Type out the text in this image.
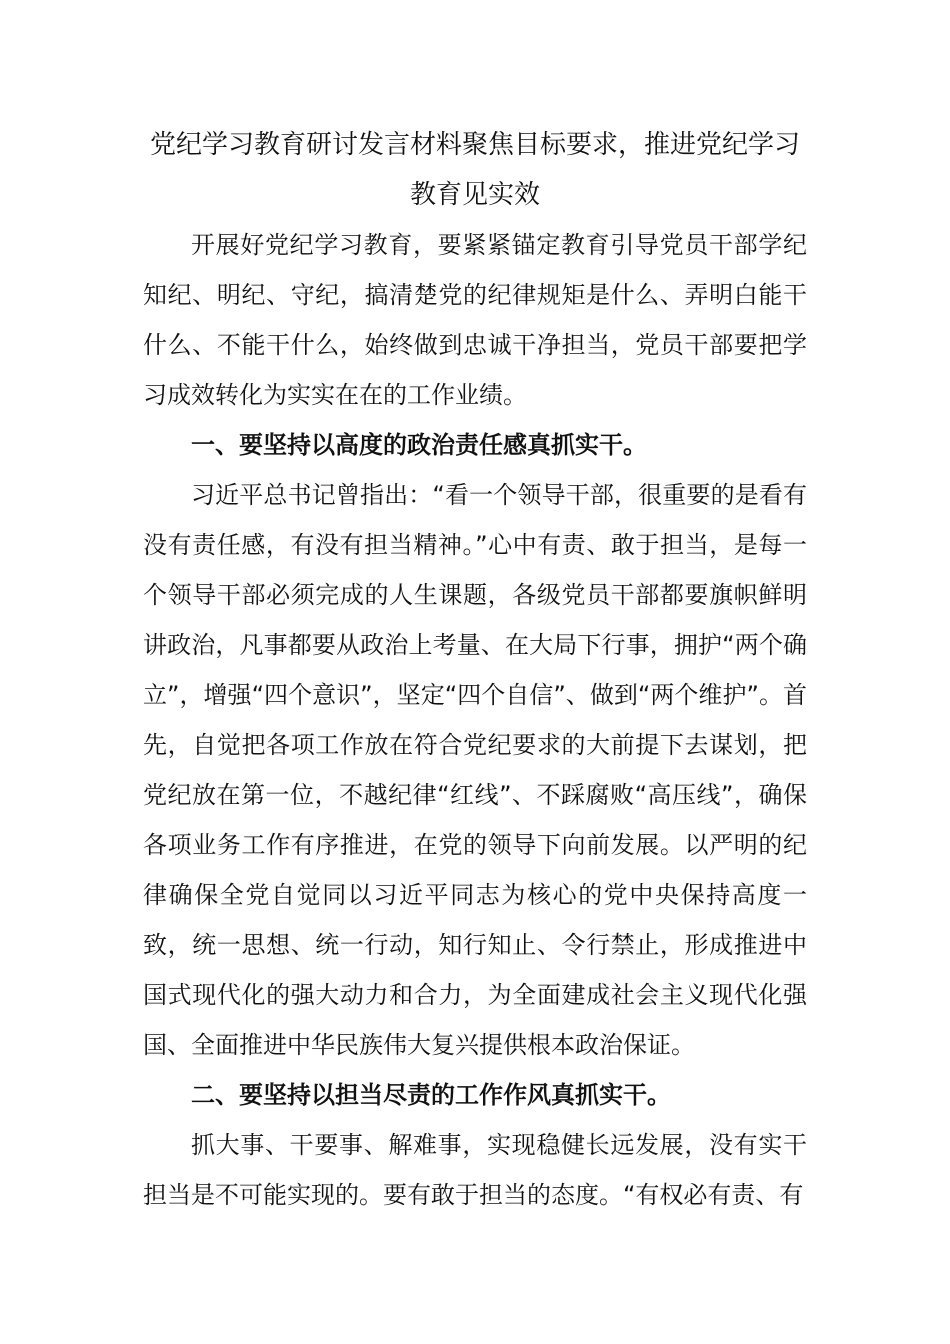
党纪学习教育研讨发言材料聚焦目标要求，推进党纪学习教育见实效

开展好党纪学习教育，要紧紧锚定教育引导党员干部学纪知纪、明纪、守纪，搞清楚党的纪律规矩是什么、弄明白能干什么、不能干什么，始终做到忠诚干净担当，党员干部要把学习成效转化为实实在在的工作业绩。

一、要坚持以高度的政治责任感真抓实干。

习近平总书记曾指出：“看一个领导干部，很重要的是看有没有责任感，有没有担当精神。”心中有责、敢于担当，是每一个领导干部必须完成的人生课题，各级党员干部都要旗帜鲜明讲政治，凡事都要从政治上考量、在大局下行事，拥护“两个确立”，增强“四个意识”，坚定“四个自信”、做到“两个维护”。首先，自觉把各项工作放在符合党纪要求的大前提下去谋划，把党纪放在第一位，不越纪律“红线”、不踩腐败“高压线”，确保各项业务工作有序推进，在党的领导下向前发展。以严明的纪律确保全党自觉同以习近平同志为核心的党中央保持高度一致，统一思想、统一行动，知行知止、令行禁止，形成推进中国式现代化的强大动力和合力，为全面建成社会主义现代化强国、全面推进中华民族伟大复兴提供根本政治保证。

二、要坚持以担当尽责的工作作风真抓实干。

抓大事、干要事、解难事，实现稳健长远发展，没有实干担当是不可能实现的。要有敢于担当的态度。“有权必有责、有
